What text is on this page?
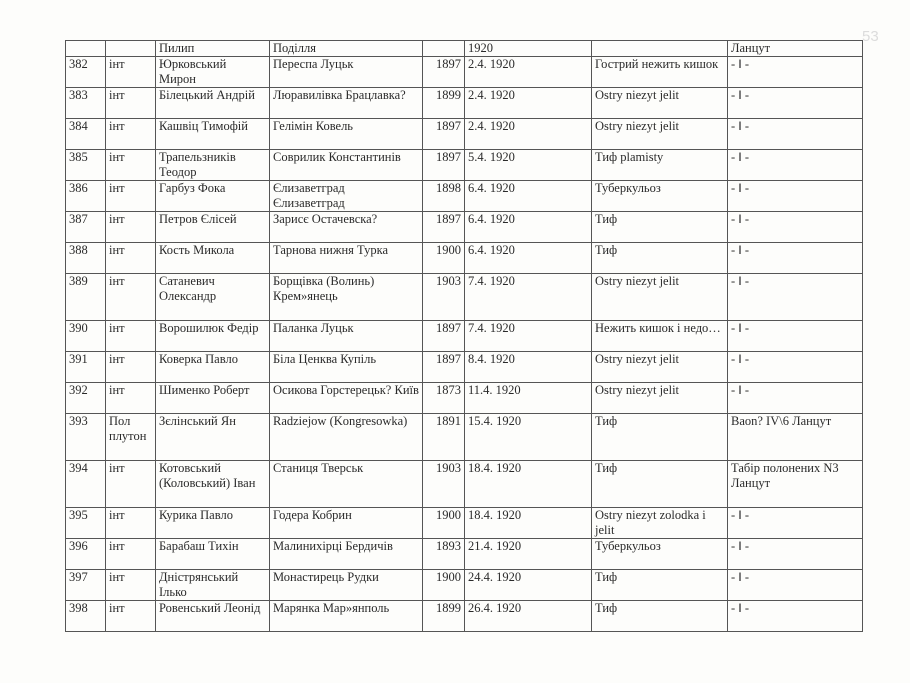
53
		Пилип	Поділля		1920		Ланцут
382	інт	Юрковський Мирон	Переспа Луцьк	1897	2.4. 1920	Гострий нежить кишок	- ‖ -
383	інт	Білецький Андрій	Люравилівка Брацлавка?	1899	2.4. 1920	Ostry niezyt jelit	- ‖ -
384	інт	Кашвіц Тимофій	Гелімін Ковель	1897	2.4. 1920	Ostry niezyt jelit	- ‖ -
385	інт	Трапельзників Теодор	Соврилик Константинів	1897	5.4. 1920	Тиф plamisty	- ‖ -
386	інт	Гарбуз Фока	Єлизаветград Єлизаветград	1898	6.4. 1920	Туберкульоз	- ‖ -
387	інт	Петров Єлісей	Зарисє Остачевска?	1897	6.4. 1920	Тиф	- ‖ -
388	інт	Кость Микола	Тарнова нижня Турка	1900	6.4. 1920	Тиф	- ‖ -
389	інт	Сатаневич Олександр	Борщівка (Волинь) Крем»янець	1903	7.4. 1920	Ostry niezyt jelit	- ‖ -
390	інт	Ворошилюк Федір	Паланка Луцьк	1897	7.4. 1920	Нежить кишок і недо…	- ‖ -
391	інт	Коверка Павло	Біла Ценква Купіль	1897	8.4. 1920	Ostry niezyt jelit	- ‖ -
392	інт	Шименко Роберт	Осикова Горстерецьк? Київ	1873	11.4. 1920	Ostry niezyt jelit	- ‖ -
393	Пол плутон	Зєлінський Ян	Radziejow (Kongresowka)	1891	15.4. 1920	Тиф	Baon? IV\6 Ланцут
394	інт	Котовський (Коловський) Іван	Станиця Тверськ	1903	18.4. 1920	Тиф	Табір полонених N3 Ланцут
395	інт	Курика Павло	Годера Кобрин	1900	18.4. 1920	Ostry niezyt zolodka i jelit	- ‖ -
396	інт	Барабаш Тихін	Малинихірці Бердичів	1893	21.4. 1920	Туберкульоз	- ‖ -
397	інт	Дністрянський Ілько	Монастирець Рудки	1900	24.4. 1920	Тиф	- ‖ -
398	інт	Ровенський Леонід	Марянка Мар»янполь	1899	26.4. 1920	Тиф	- ‖ -
